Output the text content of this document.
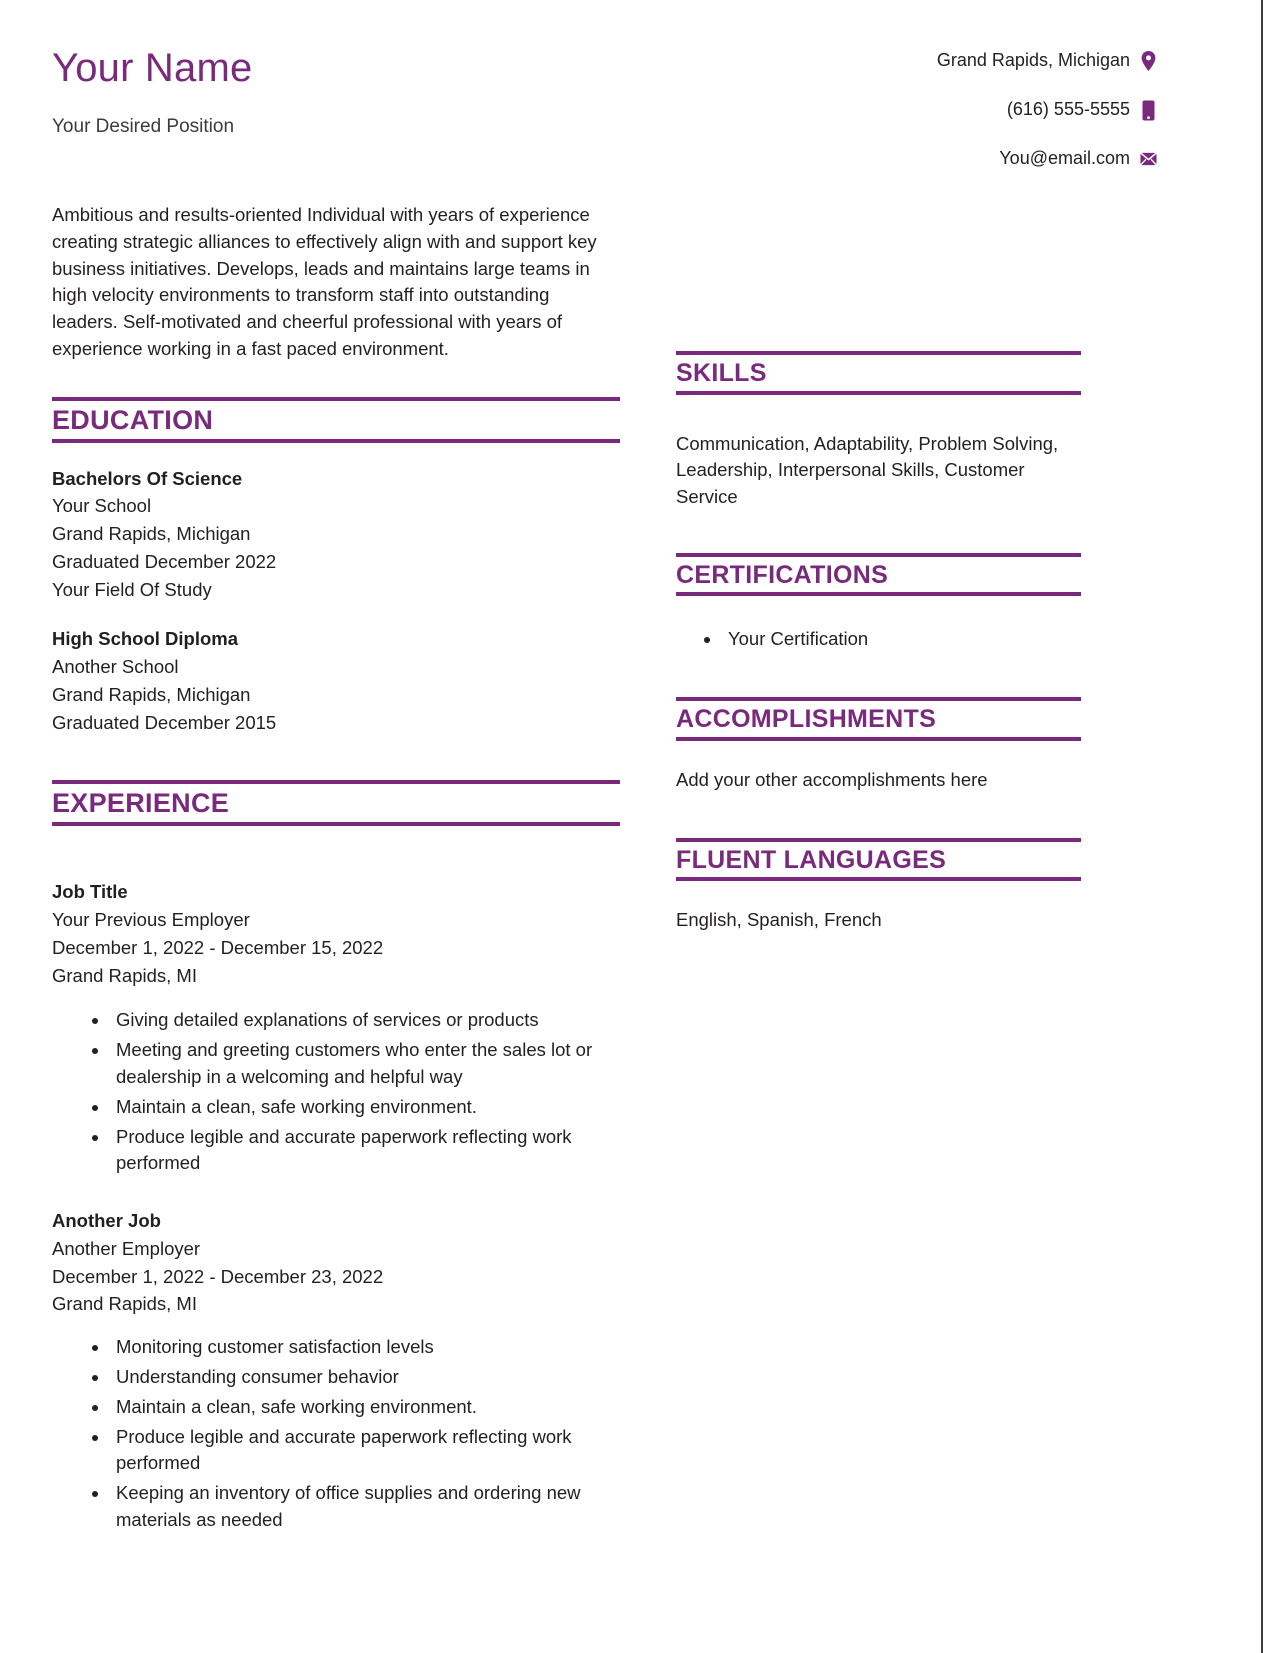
Your Name
Your Desired Position
Grand Rapids, Michigan
(616) 555-5555
You@email.com
Ambitious and results-oriented Individual with years of experience creating strategic alliances to effectively align with and support key business initiatives. Develops, leads and maintains large teams in high velocity environments to transform staff into outstanding leaders. Self-motivated and cheerful professional with years of experience working in a fast paced environment.
EDUCATION
Bachelors Of Science
Your School
Grand Rapids, Michigan
Graduated December 2022
Your Field Of Study
High School Diploma
Another School
Grand Rapids, Michigan
Graduated December 2015
EXPERIENCE
Job Title
Your Previous Employer
December 1, 2022 - December 15, 2022
Grand Rapids, MI
• Giving detailed explanations of services or products
• Meeting and greeting customers who enter the sales lot or dealership in a welcoming and helpful way
• Maintain a clean, safe working environment.
• Produce legible and accurate paperwork reflecting work performed
Another Job
Another Employer
December 1, 2022 - December 23, 2022
Grand Rapids, MI
• Monitoring customer satisfaction levels
• Understanding consumer behavior
• Maintain a clean, safe working environment.
• Produce legible and accurate paperwork reflecting work performed
• Keeping an inventory of office supplies and ordering new materials as needed
SKILLS
Communication, Adaptability, Problem Solving, Leadership, Interpersonal Skills, Customer Service
CERTIFICATIONS
• Your Certification
ACCOMPLISHMENTS
Add your other accomplishments here
FLUENT LANGUAGES
English, Spanish, French
